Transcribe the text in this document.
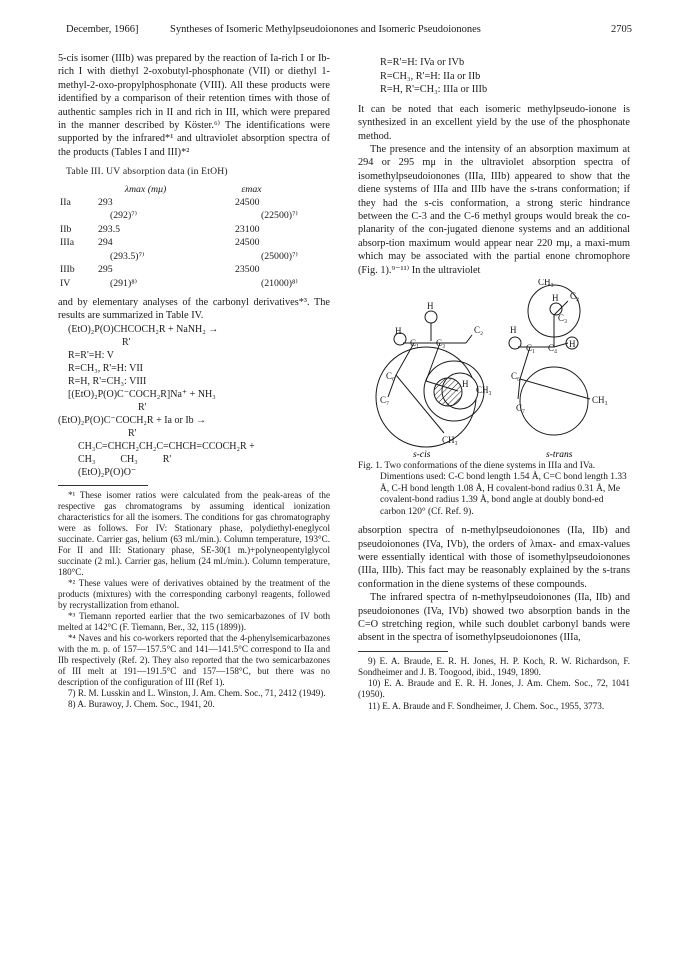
December, 1966]	Syntheses of Isomeric Methylpseudoionones and Isomeric Pseudoionones	2705

5-cis isomer (IIIb) was prepared by the reaction of Ia-rich I or Ib-rich I with diethyl 2-oxobutyl-phosphonate (VII) or diethyl 1-methyl-2-oxo-propylphosphonate (VIII). All these products were identified by a comparison of their retention times with those of authentic samples rich in II and rich in III, which were prepared in the manner described by Köster.⁶⁾ The identifications were supported by the infrared*¹ and ultraviolet absorption spectra of the products (Tables I and III)*²

Table III. UV absorption data (in EtOH)
	λmax (mμ)	εmax
IIa	293	24500
	(292)⁷⁾	(22500)⁷⁾
IIb	293.5	23100
IIIa	294	24500
	(293.5)⁷⁾	(25000)⁷⁾
IIIb	295	23500
IV	(291)⁸⁾	(21000)⁸⁾

and by elementary analyses of the carbonyl derivatives*³. The results are summarized in Table IV.

(EtO)₂P(O)CHCOCH₂R + NaNH₂ →
R'
R=R'=H: V
R=CH₃, R'=H: VII
R=H, R'=CH₃: VIII
[(EtO)₂P(O)C⁻COCH₂R]Na⁺ + NH₃
R'
(EtO)₂P(O)C⁻COCH₂R + Ia or Ib →
R'
CH₃C=CHCH₂CH₂C=CHCH=CCOCH₂R +
CH₃          CH₃          R'
(EtO)₂P(O)O⁻

*¹ These isomer ratios were calculated from the peak-areas of the respective gas chromatograms by assuming identical ionization characteristics for all the isomers. The conditions for gas chromatography were as follows. For IV: Stationary phase, polydiethyl-eneglycol succinate. Carrier gas, helium (63 ml./min.). Column temperature, 193°C. For II and III: Stationary phase, SE-30(1 m.)+polyneopentylglycol succinate (2 ml.). Carrier gas, helium (24 ml./min.). Column temperature, 180°C.

*² These values were of derivatives obtained by the treatment of the products (mixtures) with the corresponding carbonyl reagents, followed by recrystallization from ethanol.

*³ Tiemann reported earlier that the two semicarbazones of IV both melted at 142°C (F. Tiemann, Ber., 32, 115 (1899)).

*⁴ Naves and his co-workers reported that the 4-phenylsemicarbazones with the m. p. of 157—157.5°C and 141—141.5°C correspond to IIa and IIb respectively (Ref. 2). They also reported that the two semicarbazones of III melt at 191—191.5°C and 157—158°C, but there was no description of the configuration of III (Ref 1).

7) R. M. Lusskin and L. Winston, J. Am. Chem. Soc., 71, 2412 (1949).

8) A. Burawoy, J. Chem. Soc., 1941, 20.

R=R'=H: IVa or IVb
R=CH₃, R'=H: IIa or IIb
R=H, R'=CH₃: IIIa or IIIb

It can be noted that each isomeric methylpseudo-ionone is synthesized in an excellent yield by the use of the phosphonate method.

The presence and the intensity of an absorption maximum at 294 or 295 mμ in the ultraviolet absorption spectra of isomethylpseudoionones (IIIa, IIIb) appeared to show that the diene systems of IIIa and IIIb have the s-trans conformation; if they had the s-cis conformation, a strong steric hindrance between the C-3 and the C-6 methyl groups would break the co-planarity of the con-jugated dienone systems and an additional absorp-tion maximum would appear near 220 mμ, a maxi-mum which may be associated with the partial enone chromophore (Fig. 1).⁹⁻¹¹⁾ In the ultraviolet

H
H
C₁
C₂
C₃
C₆
C₇
H
CH₃
CH₃
s-cis
CH₃
H C₂
C₃
H
C₁ C₄ H
C₆
C₇
CH₃
s-trans
Fig. 1. Two conformations of the diene systems in IIIa and IVa.
Dimentions used: C-C bond length 1.54 Å, C=C bond length 1.33 Å, C-H bond length 1.08 Å, H covalent-bond radius 0.31 Å, Me covalent-bond radius 1.39 Å, bond angle at doubly bond-ed carbon 120° (Cf. Ref. 9).

absorption spectra of n-methylpseudoionones (IIa, IIb) and pseudoionones (IVa, IVb), the orders of λmax- and εmax-values were essentially identical with those of isomethylpseudoionones (IIIa, IIIb). This fact may be reasonably explained by the s-trans conformation in the diene systems of these compounds.

The infrared spectra of n-methylpseudoionones (IIa, IIb) and pseudoionones (IVa, IVb) showed two absorption bands in the C=O stretching region, while such doublet carbonyl bands were absent in the spectra of isomethylpseudoionones (IIIa,

9) E. A. Braude, E. R. H. Jones, H. P. Koch, R. W. Richardson, F. Sondheimer and J. B. Toogood, ibid., 1949, 1890.

10) E. A. Braude and E. R. H. Jones, J. Am. Chem. Soc., 72, 1041 (1950).

11) E. A. Braude and F. Sondheimer, J. Chem. Soc., 1955, 3773.
